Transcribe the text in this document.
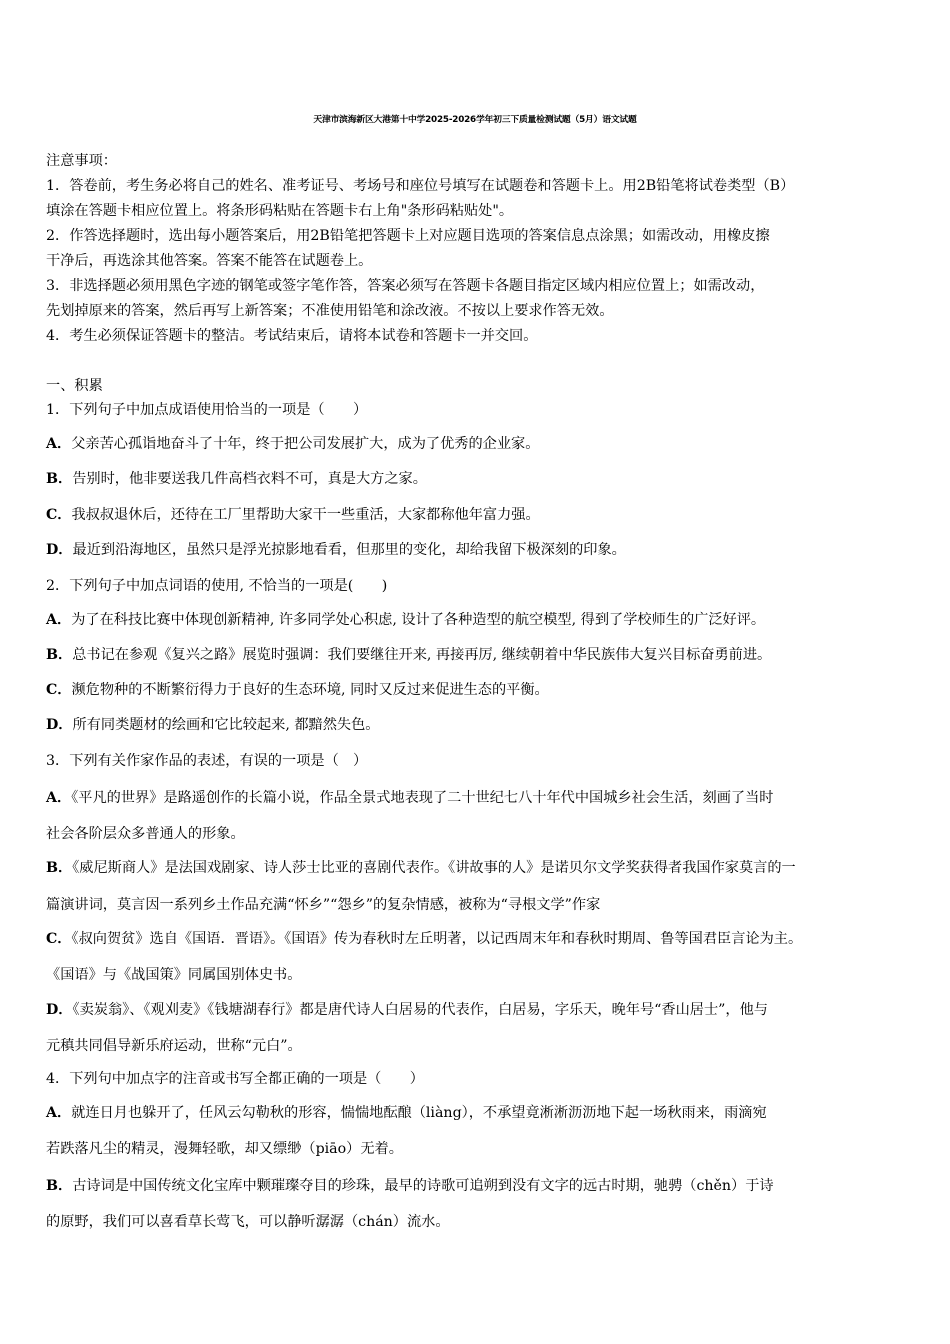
天津市滨海新区大港第十中学2025-2026学年初三下质量检测试题（5月）语文试题
注意事项：
1．答卷前，考生务必将自己的姓名、准考证号、考场号和座位号填写在试题卷和答题卡上。用2B铅笔将试卷类型（B）
填涂在答题卡相应位置上。将条形码粘贴在答题卡右上角"条形码粘贴处"。
2．作答选择题时，选出每小题答案后，用2B铅笔把答题卡上对应题目选项的答案信息点涂黑；如需改动，用橡皮擦
干净后，再选涂其他答案。答案不能答在试题卷上。
3．非选择题必须用黑色字迹的钢笔或签字笔作答，答案必须写在答题卡各题目指定区域内相应位置上；如需改动，
先划掉原来的答案，然后再写上新答案；不准使用铅笔和涂改液。不按以上要求作答无效。
4．考生必须保证答题卡的整洁。考试结束后，请将本试卷和答题卡一并交回。
一、积累
1．下列句子中加点成语使用恰当的一项是（　　）
A．父亲苦心孤诣地奋斗了十年，终于把公司发展扩大，成为了优秀的企业家。
B．告别时，他非要送我几件高档衣料不可，真是大方之家。
C．我叔叔退休后，还待在工厂里帮助大家干一些重活，大家都称他年富力强。
D．最近到沿海地区，虽然只是浮光掠影地看看，但那里的变化，却给我留下极深刻的印象。
2．下列句子中加点词语的使用, 不恰当的一项是(　　)
A．为了在科技比赛中体现创新精神, 许多同学处心积虑, 设计了各种造型的航空模型, 得到了学校师生的广泛好评。
B．总书记在参观《复兴之路》展览时强调：我们要继往开来, 再接再厉, 继续朝着中华民族伟大复兴目标奋勇前进。
C．濒危物种的不断繁衍得力于良好的生态环境, 同时又反过来促进生态的平衡。
D．所有同类题材的绘画和它比较起来, 都黯然失色。
3．下列有关作家作品的表述，有误的一项是（　）
A．《平凡的世界》是路遥创作的长篇小说，作品全景式地表现了二十世纪七八十年代中国城乡社会生活，刻画了当时
社会各阶层众多普通人的形象。
B．《威尼斯商人》是法国戏剧家、诗人莎士比亚的喜剧代表作。《讲故事的人》是诺贝尔文学奖获得者我国作家莫言的一
篇演讲词，莫言因一系列乡土作品充满“怀乡”“怨乡”的复杂情感，被称为“寻根文学”作家
C．《叔向贺贫》选自《国语．晋语》。《国语》传为春秋时左丘明著，以记西周末年和春秋时期周、鲁等国君臣言论为主。
《国语》与《战国策》同属国别体史书。
D．《卖炭翁》、《观刈麦》《钱塘湖春行》都是唐代诗人白居易的代表作，白居易，字乐天，晚年号“香山居士”，他与
元稹共同倡导新乐府运动，世称“元白”。
4．下列句中加点字的注音或书写全都正确的一项是（　　）
A．就连日月也躲开了，任风云勾勒秋的形容，惴惴地酝酿（liàng），不承望竟淅淅沥沥地下起一场秋雨来，雨滴宛
若跌落凡尘的精灵，漫舞轻歌，却又缥缈（piāo）无着。
B．古诗词是中国传统文化宝库中颗璀璨夺目的珍珠，最早的诗歌可追朔到没有文字的远古时期，驰骋（chěn）于诗
的原野，我们可以喜看草长莺飞，可以静听潺潺（chán）流水。
